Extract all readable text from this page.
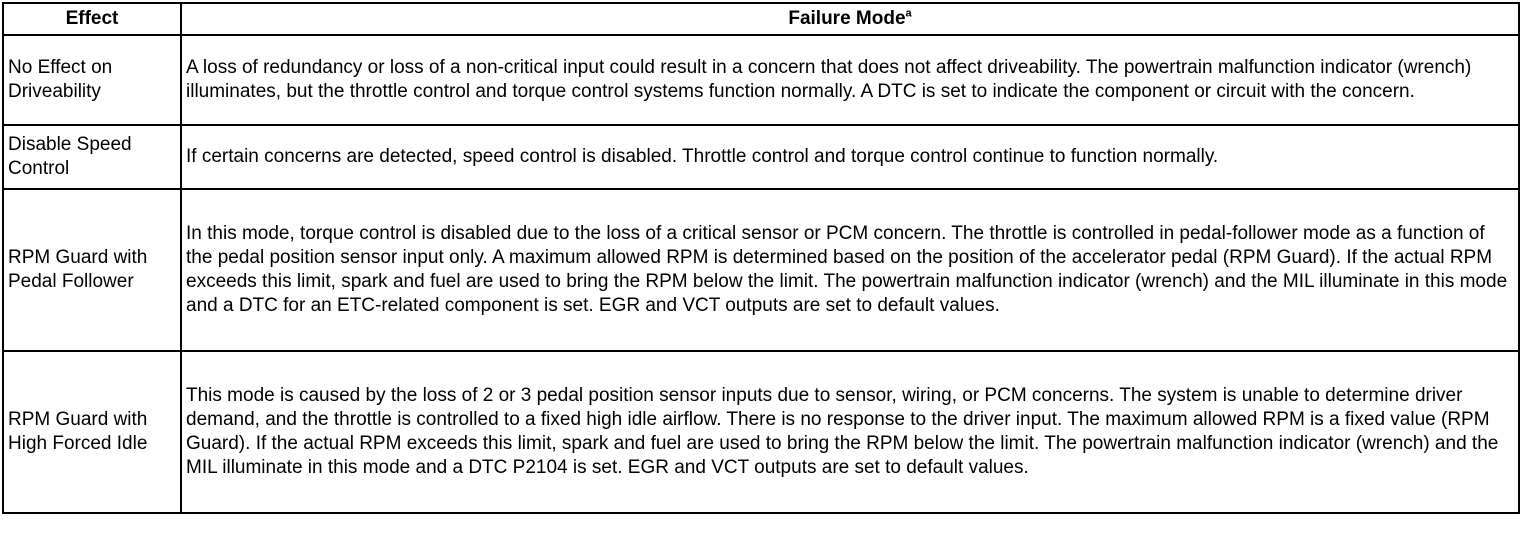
Effect	Failure Mode$^a$
No Effect on Driveability	A loss of redundancy or loss of a non-critical input could result in a concern that does not affect driveability. The powertrain malfunction indicator (wrench) illuminates, but the throttle control and torque control systems function normally. A DTC is set to indicate the component or circuit with the concern.
Disable Speed Control	If certain concerns are detected, speed control is disabled. Throttle control and torque control continue to function normally.
RPM Guard with Pedal Follower	In this mode, torque control is disabled due to the loss of a critical sensor or PCM concern. The throttle is controlled in pedal-follower mode as a function of the pedal position sensor input only. A maximum allowed RPM is determined based on the position of the accelerator pedal (RPM Guard). If the actual RPM exceeds this limit, spark and fuel are used to bring the RPM below the limit. The powertrain malfunction indicator (wrench) and the MIL illuminate in this mode and a DTC for an ETC-related component is set. EGR and VCT outputs are set to default values.
RPM Guard with High Forced Idle	This mode is caused by the loss of 2 or 3 pedal position sensor inputs due to sensor, wiring, or PCM concerns. The system is unable to determine driver demand, and the throttle is controlled to a fixed high idle airflow. There is no response to the driver input. The maximum allowed RPM is a fixed value (RPM Guard). If the actual RPM exceeds this limit, spark and fuel are used to bring the RPM below the limit. The powertrain malfunction indicator (wrench) and the MIL illuminate in this mode and a DTC P2104 is set. EGR and VCT outputs are set to default values.
